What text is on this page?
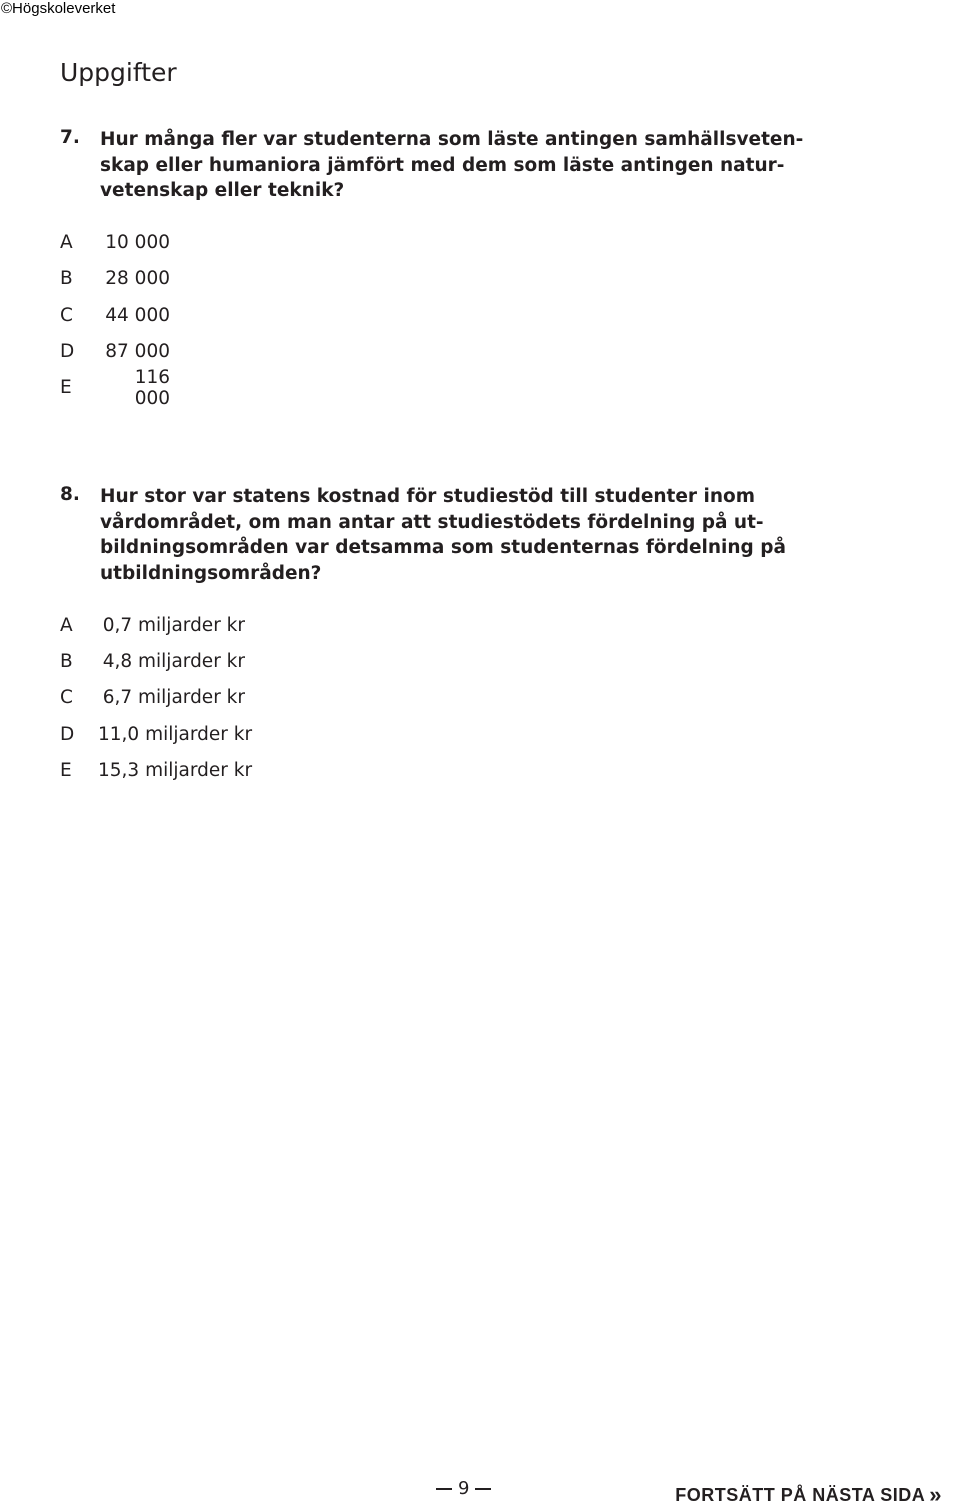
©Högskoleverket
Uppgifter
7.	Hur många fler var studenterna som läste antingen samhällsveten-
skap eller humaniora jämfört med dem som läste antingen natur-
vetenskap eller teknik?
A	10 000
B	28 000
C	44 000
D	87 000
E	116 000
8.	Hur stor var statens kostnad för studiestöd till studenter inom
vårdområdet, om man antar att studiestödets fördelning på ut-
bildningsområden var detsamma som studenternas fördelning på
utbildningsområden?
A	0,7 miljarder kr
B	4,8 miljarder kr
C	6,7 miljarder kr
D	11,0 miljarder kr
E	15,3 miljarder kr
9	FORTSÄTT PÅ NÄSTA SIDA »
